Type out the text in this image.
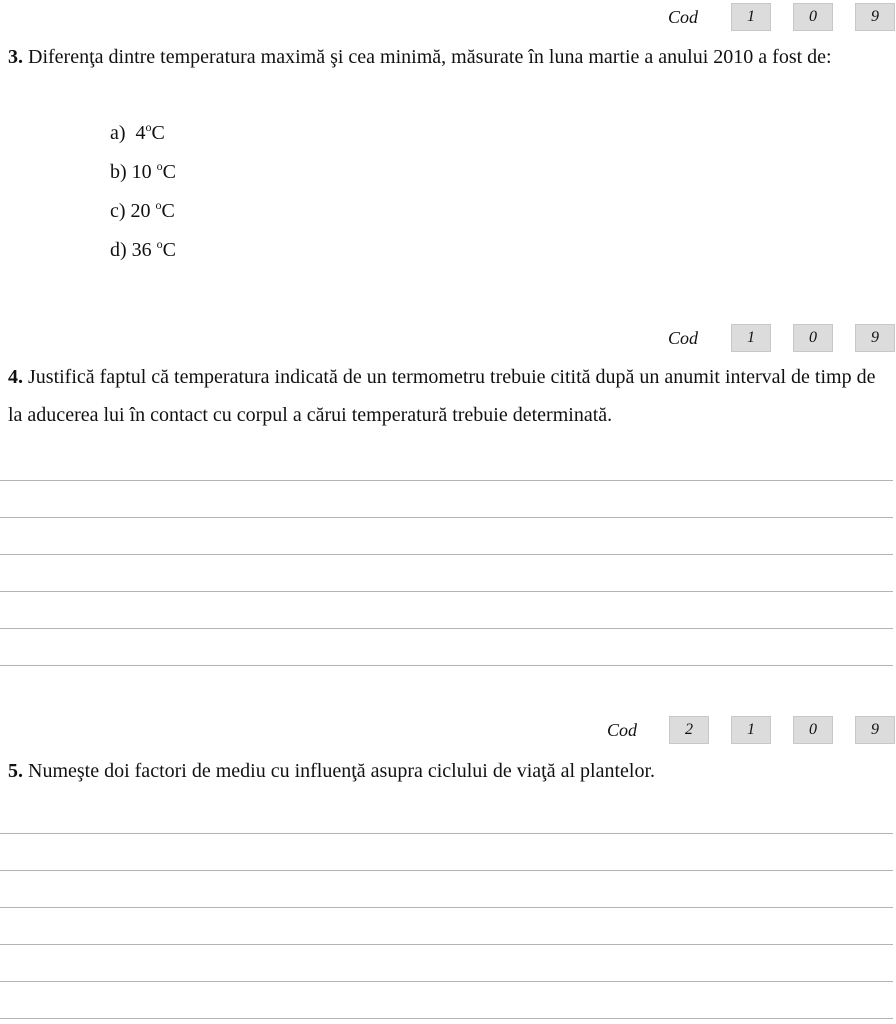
Cod	1	0	9

3. Diferenţa dintre temperatura maximă şi cea minimă, măsurate în luna martie a anului 2010 a fost de:

a) 4$^o$C
b) 10 $^o$C
c) 20 $^o$C
d) 36 $^o$C
Cod	1	0	9

4. Justifică faptul că temperatura indicată de un termometru trebuie citită după un anumit interval de timp de la aducerea lui în contact cu corpul a cărui temperatură trebuie determinată.

Cod	2	1	0	9

5. Numeşte doi factori de mediu cu influenţă asupra ciclului de viaţă al plantelor.
